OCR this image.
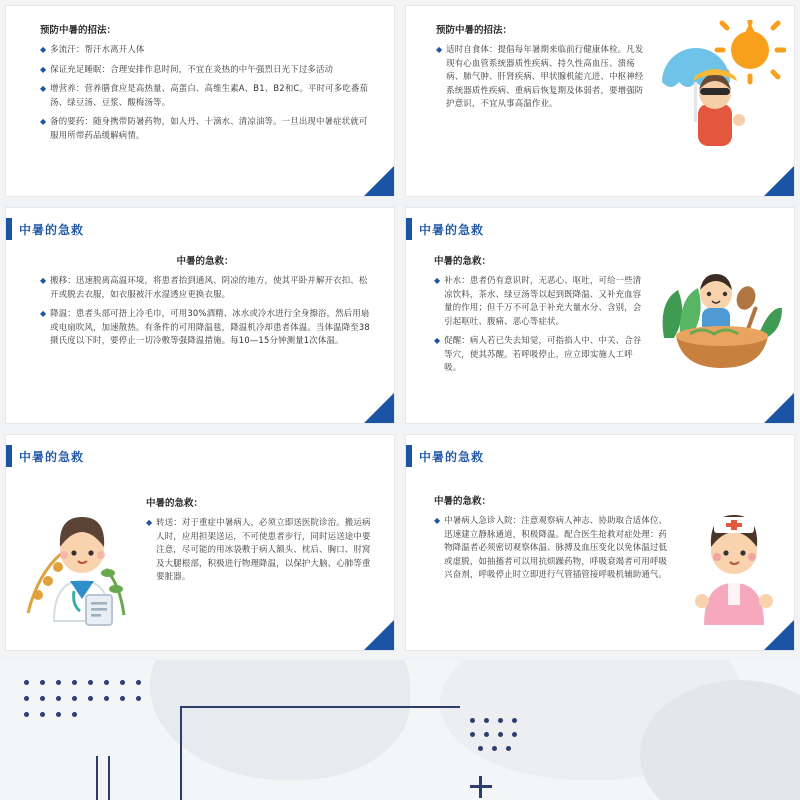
预防中暑的招法：
◆ 多流汗：帮汗水离开人体
◆ 保证充足睡眠：合理安排作息时间，不宜在炎热的中午强烈日光下过多活动
◆ 增营养：营养膳食应是高热量、高蛋白、高维生素A、B1、B2和C。平时可多吃番茄汤、绿豆汤、豆浆、酸梅汤等。
◆ 备的要药：随身携带防暑药物，如人丹、十滴水、清凉油等。一旦出现中暑症状就可服用所带药品缓解病情。
预防中暑的招法：
◆ 适时自食体：提倡每年暑期来临前行健康体检。凡发现有心血管系统器质性疾病、持久性高血压、溃疡病、肺气肿、肝肾疾病、甲状腺机能亢进、中枢神经系统器质性疾病、重病后恢复期及体弱者，要增强防护意识，不宜从事高温作业。
中暑的急救
中暑的急救：
◆ 搬移：迅速脱离高温环境，将患者抬到通风、阴凉的地方，使其平卧并解开衣扣、松开或脱去衣服，如衣服被汗水湿透应更换衣服。
◆ 降温：患者头部可捂上冷毛巾，可用30%酒精、冰水或冷水进行全身擦浴，然后用扇或电扇吹风，加速散热。有条件的可用降温毯，降温机冷却患者体温。当体温降至38摄氏度以下时，要停止一切冷敷等强降温措施。每10—15分钟测量1次体温。
中暑的急救
中暑的急救：
◆ 补水：患者仍有意识时，无恶心、呕吐，可给一些清凉饮料，茶水、绿豆汤等以起到既降温、又补充血容量的作用；但千万不可急于补充大量水分、含别，会引起呕吐、腹痛、恶心等症状。
◆ 促醒：病人若已失去知觉，可指掐人中、中关、合谷等穴，使其苏醒。若呼吸停止，应立即实施人工呼吸。
中暑的急救
中暑的急救：
◆ 转送：对于重症中暑病人，必须立即送医院诊治。搬运病人时，应用担架送运，不可使患者步行，同时运送途中要注意，尽可能的用冰袋敷于病人额头、枕后、胸口、肘窝及大腿根部，积极进行物理降温，以保护大脑、心肺等重要脏器。
中暑的急救
中暑的急救：
◆ 中暑病人急诊入院：注意观察病人神志、协助取合适体位、迅速建立静脉通道，积极降温。配合医生抢救对症处理：药物降温者必须密切观察体温、脉搏及血压变化以免体温过低或虚脱，如抽搐者可以用抗烦躁药物，呼吸衰竭者可用呼吸兴奋剂，呼吸停止时立即进行气管插管接呼吸机辅助通气。
